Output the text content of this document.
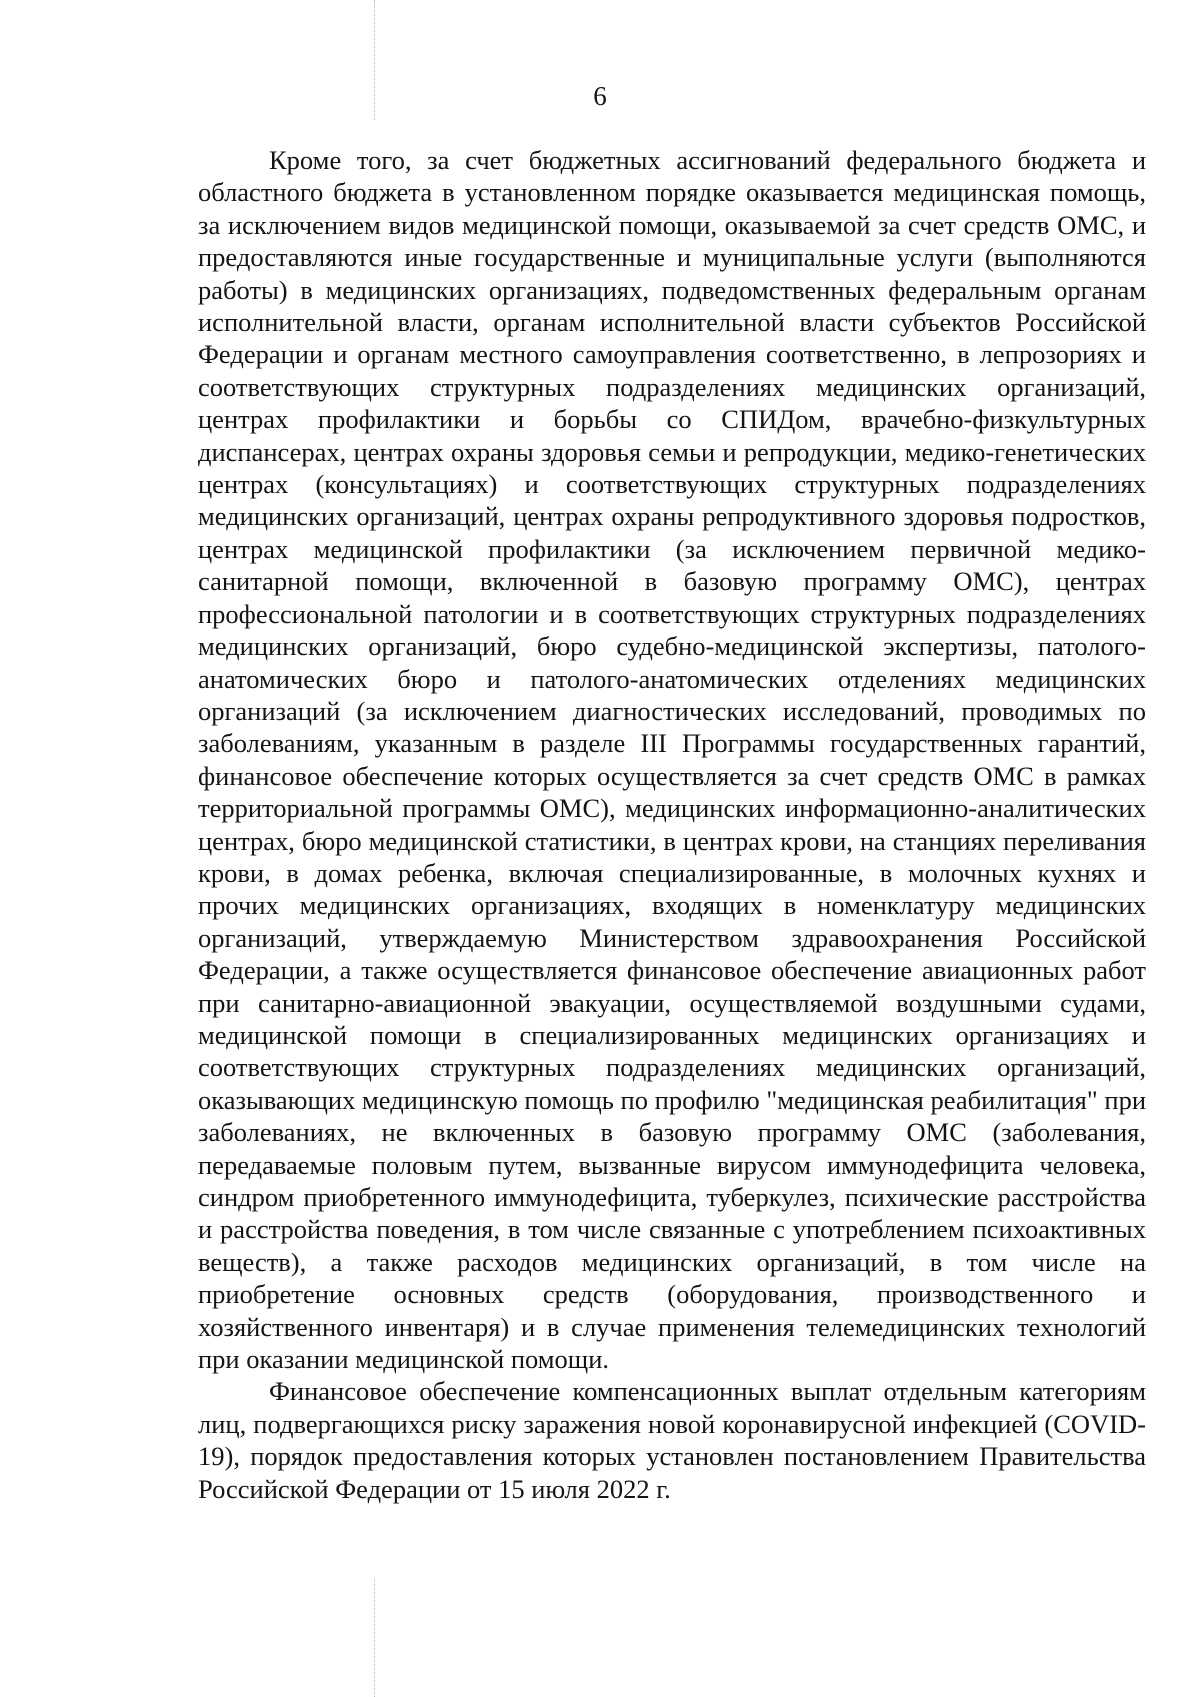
6

Кроме того, за счет бюджетных ассигнований федерального бюджета и областного бюджета в установленном порядке оказывается медицинская помощь, за исключением видов медицинской помощи, оказываемой за счет средств ОМС, и предоставляются иные государственные и муниципальные услуги (выполняются работы) в медицинских организациях, подведомственных федеральным органам исполнительной власти, органам исполнительной власти субъектов Российской Федерации и органам местного самоуправления соответственно, в лепрозориях и соответствующих структурных подразделениях медицинских организаций, центрах профилактики и борьбы со СПИДом, врачебно-физкультурных диспансерах, центрах охраны здоровья семьи и репродукции, медико-генетических центрах (консультациях) и соответствующих структурных подразделениях медицинских организаций, центрах охраны репродуктивного здоровья подростков, центрах медицинской профилактики (за исключением первичной медико-санитарной помощи, включенной в базовую программу ОМС), центрах профессиональной патологии и в соответствующих структурных подразделениях медицинских организаций, бюро судебно-медицинской экспертизы, патолого-анатомических бюро и патолого-анатомических отделениях медицинских организаций (за исключением диагностических исследований, проводимых по заболеваниям, указанным в разделе III Программы государственных гарантий, финансовое обеспечение которых осуществляется за счет средств ОМС в рамках территориальной программы ОМС), медицинских информационно-аналитических центрах, бюро медицинской статистики, в центрах крови, на станциях переливания крови, в домах ребенка, включая специализированные, в молочных кухнях и прочих медицинских организациях, входящих в номенклатуру медицинских организаций, утверждаемую Министерством здравоохранения Российской Федерации, а также осуществляется финансовое обеспечение авиационных работ при санитарно-авиационной эвакуации, осуществляемой воздушными судами, медицинской помощи в специализированных медицинских организациях и соответствующих структурных подразделениях медицинских организаций, оказывающих медицинскую помощь по профилю "медицинская реабилитация" при заболеваниях, не включенных в базовую программу ОМС (заболевания, передаваемые половым путем, вызванные вирусом иммунодефицита человека, синдром приобретенного иммунодефицита, туберкулез, психические расстройства и расстройства поведения, в том числе связанные с употреблением психоактивных веществ), а также расходов медицинских организаций, в том числе на приобретение основных средств (оборудования, производственного и хозяйственного инвентаря) и в случае применения телемедицинских технологий при оказании медицинской помощи.

Финансовое обеспечение компенсационных выплат отдельным категориям лиц, подвергающихся риску заражения новой коронавирусной инфекцией (COVID-19), порядок предоставления которых установлен постановлением Правительства Российской Федерации от 15 июля 2022 г.
